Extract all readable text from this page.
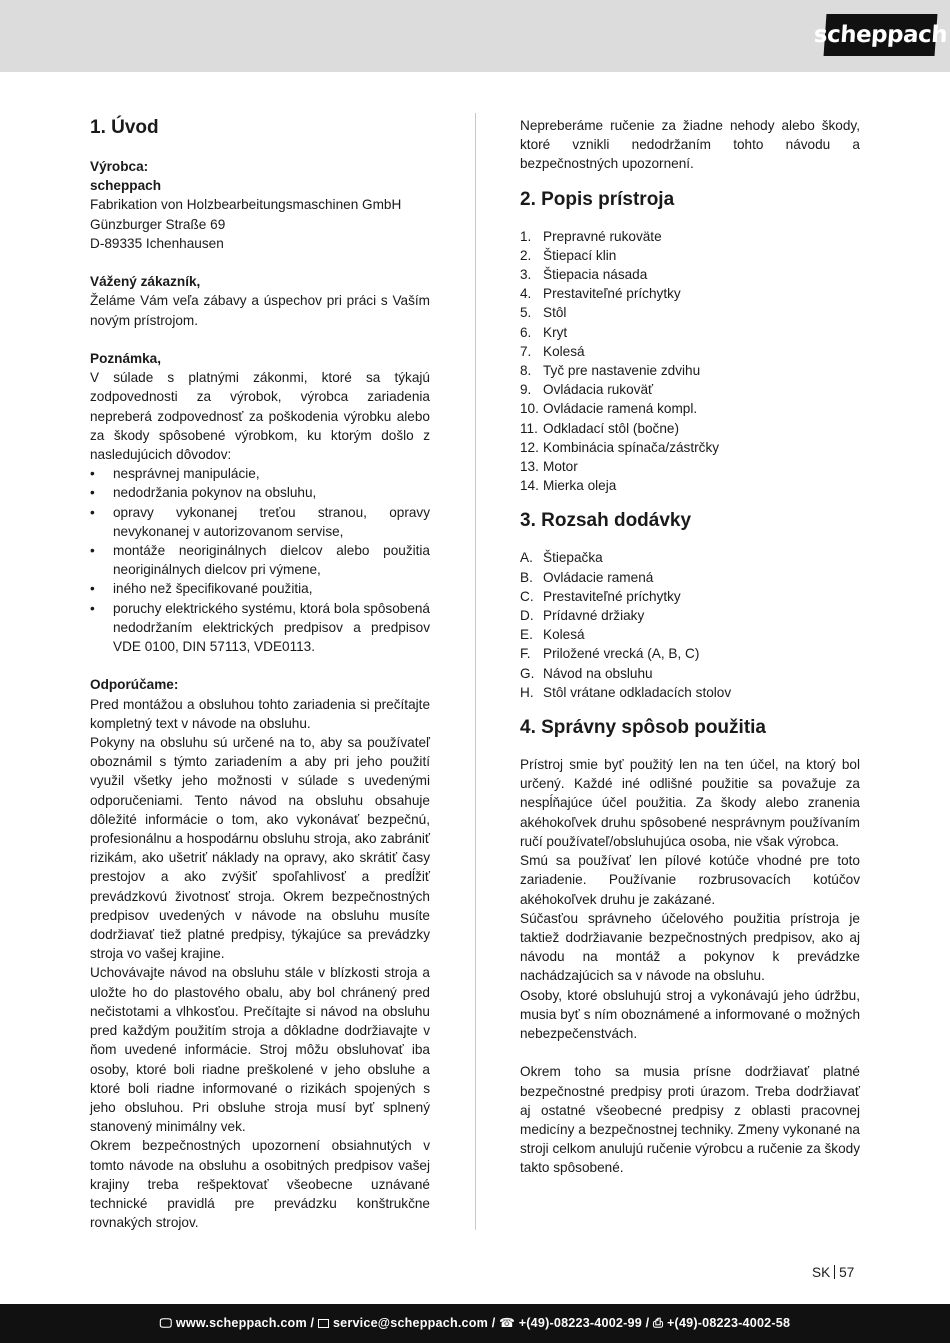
scheppach
1. Úvod

Výrobca:

scheppach

Fabrikation von Holzbearbeitungsmaschinen GmbH

Günzburger Straße 69

D-89335 Ichenhausen

Vážený zákazník,

Želáme Vám veľa zábavy a úspechov pri práci s Vaším novým prístrojom.

Poznámka,

V súlade s platnými zákonmi, ktoré sa týkajú zodpovednosti za výrobok, výrobca zariadenia nepreberá zodpovednosť za poškodenia výrobku alebo za škody spôsobené výrobkom, ku ktorým došlo z nasledujúcich dôvodov:

• nesprávnej manipulácie,
• nedodržania pokynov na obsluhu,
• opravy vykonanej treťou stranou, opravy nevykonanej v autorizovanom servise,
• montáže neoriginálnych dielcov alebo použitia neoriginálnych dielcov pri výmene,
• iného než špecifikované použitia,
• poruchy elektrického systému, ktorá bola spôsobená nedodržaním elektrických predpisov a predpisov VDE 0100, DIN 57113, VDE0113.

Odporúčame:

Pred montážou a obsluhou tohto zariadenia si prečítajte kompletný text v návode na obsluhu.

Pokyny na obsluhu sú určené na to, aby sa používateľ oboznámil s týmto zariadením a aby pri jeho použití využil všetky jeho možnosti v súlade s uvedenými odporučeniami. Tento návod na obsluhu obsahuje dôležité informácie o tom, ako vykonávať bezpečnú, profesionálnu a hospodárnu obsluhu stroja, ako zabrániť rizikám, ako ušetriť náklady na opravy, ako skrátiť časy prestojov a ako zvýšiť spoľahlivosť a predĺžiť prevádzkovú životnosť stroja. Okrem bezpečnostných predpisov uvedených v návode na obsluhu musíte dodržiavať tiež platné predpisy, týkajúce sa prevádzky stroja vo vašej krajine.

Uchovávajte návod na obsluhu stále v blízkosti stroja a uložte ho do plastového obalu, aby bol chránený pred nečistotami a vlhkosťou. Prečítajte si návod na obsluhu pred každým použitím stroja a dôkladne dodržiavajte v ňom uvedené informácie. Stroj môžu obsluhovať iba osoby, ktoré boli riadne preškolené v jeho obsluhe a ktoré boli riadne informované o rizikách spojených s jeho obsluhou. Pri obsluhe stroja musí byť splnený stanovený minimálny vek.

Okrem bezpečnostných upozornení obsiahnutých v tomto návode na obsluhu a osobitných predpisov vašej krajiny treba rešpektovať všeobecne uznávané technické pravidlá pre prevádzku konštrukčne rovnakých strojov.

Nepreberáme ručenie za žiadne nehody alebo škody, ktoré vznikli nedodržaním tohto návodu a bezpečnostných upozornení.

2. Popis prístroja
1. Prepravné rukoväte
2. Štiepací klin
3. Štiepacia násada
4. Prestaviteľné príchytky
5. Stôl
6. Kryt
7. Kolesá
8. Tyč pre nastavenie zdvihu
9. Ovládacia rukoväť
10. Ovládacie ramená kompl.
11. Odkladací stôl (bočne)
12. Kombinácia spínača/zástrčky
13. Motor
14. Mierka oleja
3. Rozsah dodávky
A. Štiepačka
B. Ovládacie ramená
C. Prestaviteľné príchytky
D. Prídavné držiaky
E. Kolesá
F. Priložené vrecká (A, B, C)
G. Návod na obsluhu
H. Stôl vrátane odkladacích stolov
4. Správny spôsob použitia

Prístroj smie byť použitý len na ten účel, na ktorý bol určený. Každé iné odlišné použitie sa považuje za nespĺňajúce účel použitia. Za škody alebo zranenia akéhokoľvek druhu spôsobené nesprávnym používaním ručí používateľ/obsluhujúca osoba, nie však výrobca.

Smú sa používať len pílové kotúče vhodné pre toto zariadenie. Používanie rozbrusovacích kotúčov akéhokoľvek druhu je zakázané.

Súčasťou správneho účelového použitia prístroja je taktiež dodržiavanie bezpečnostných predpisov, ako aj návodu na montáž a pokynov k prevádzke nachádzajúcich sa v návode na obsluhu.

Osoby, ktoré obsluhujú stroj a vykonávajú jeho údržbu, musia byť s ním oboznámené a informované o možných nebezpečenstvách.

Okrem toho sa musia prísne dodržiavať platné bezpečnostné predpisy proti úrazom. Treba dodržiavať aj ostatné všeobecné predpisy z oblasti pracovnej medicíny a bezpečnostnej techniky. Zmeny vykonané na stroji celkom anulujú ručenie výrobcu a ručenie za škody takto spôsobené.

SK 57
🖵︎ www.scheppach.com / service@scheppach.com / ☎ +(49)-08223-4002-99 / ⎙ +(49)-08223-4002-58
